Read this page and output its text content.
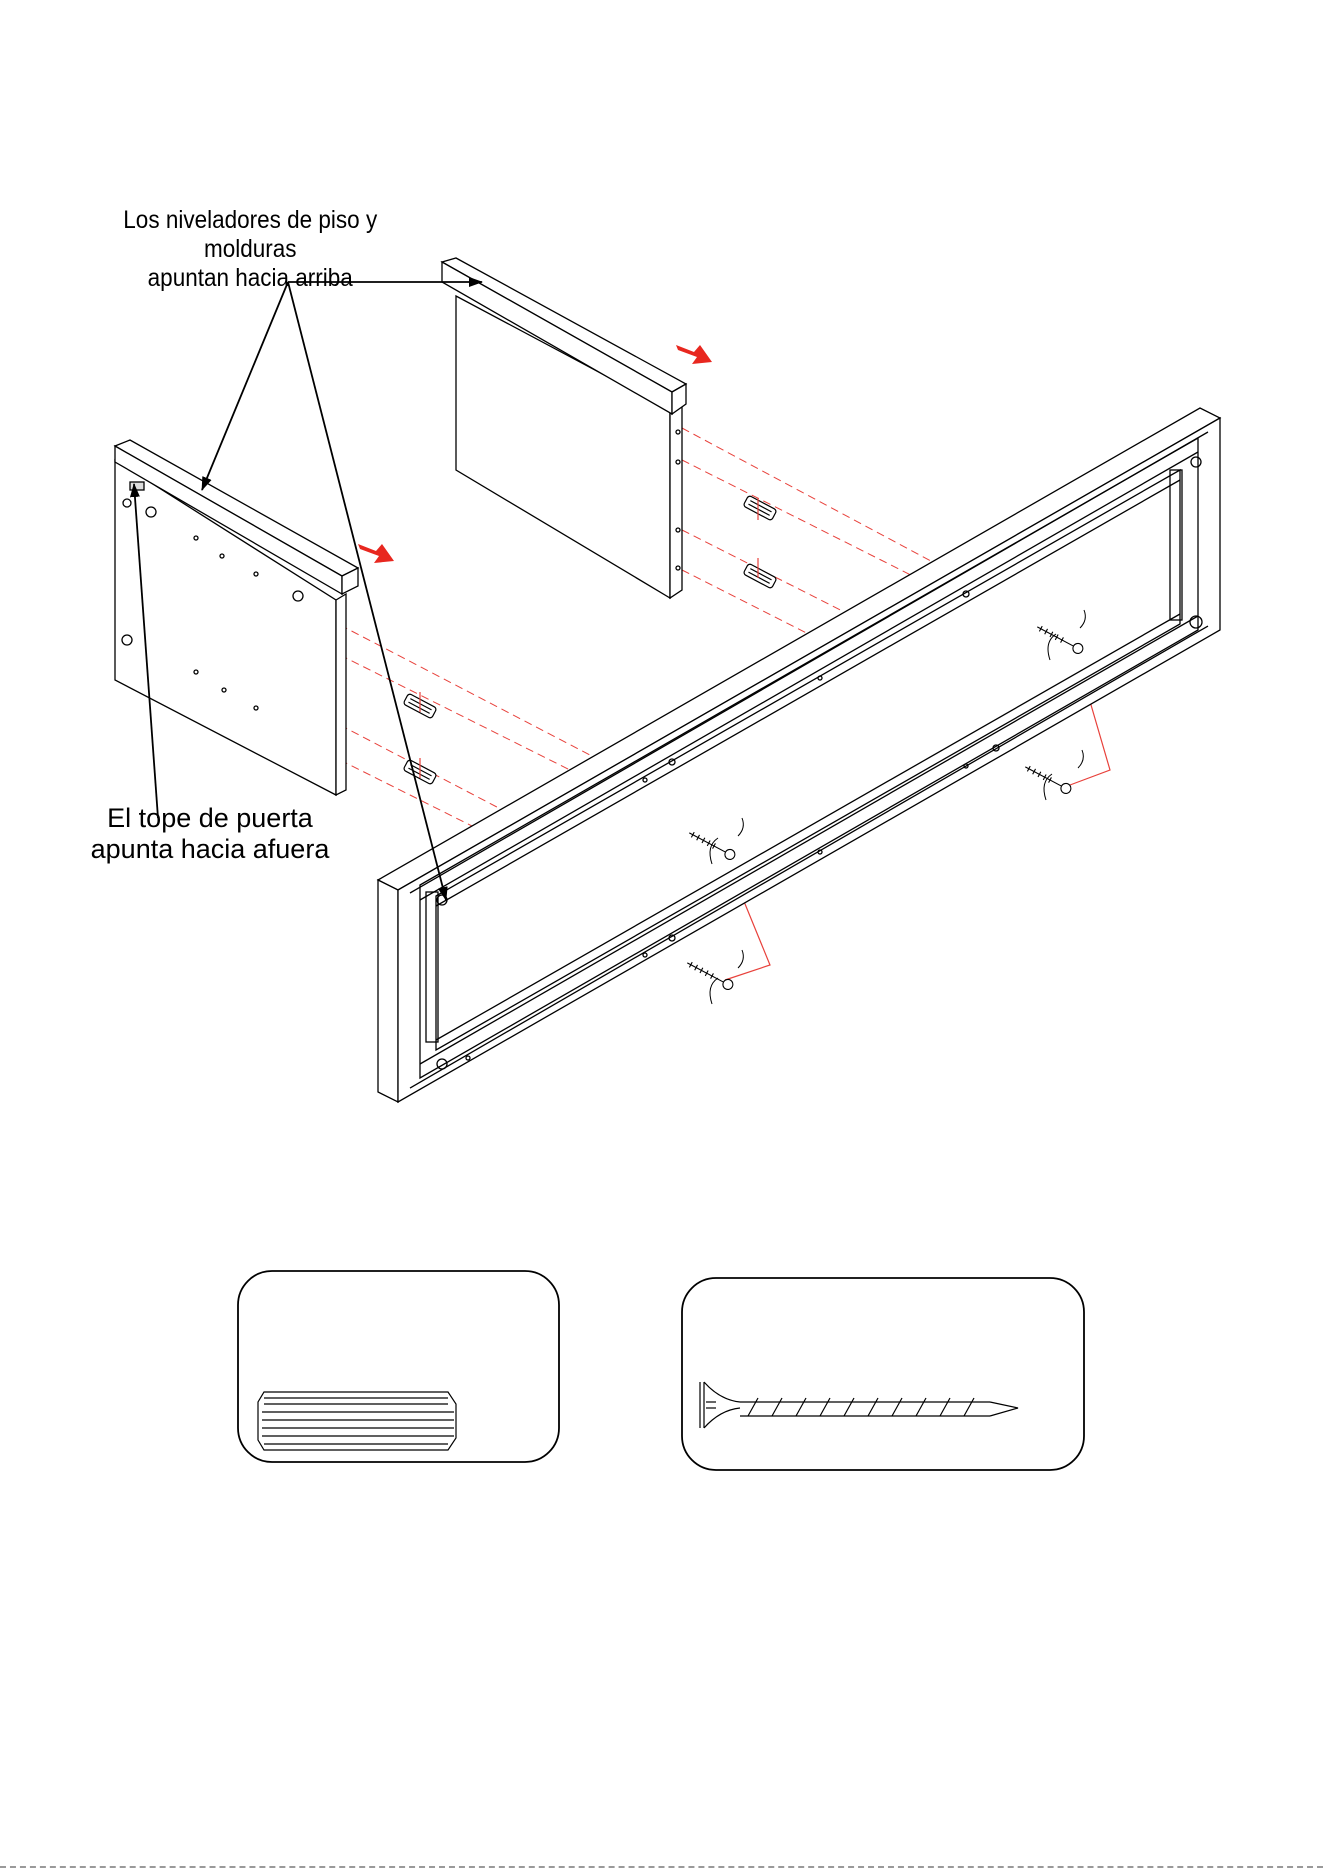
Los niveladores de piso y molduras
apuntan hacia arriba
El tope de puerta
apunta hacia afuera
